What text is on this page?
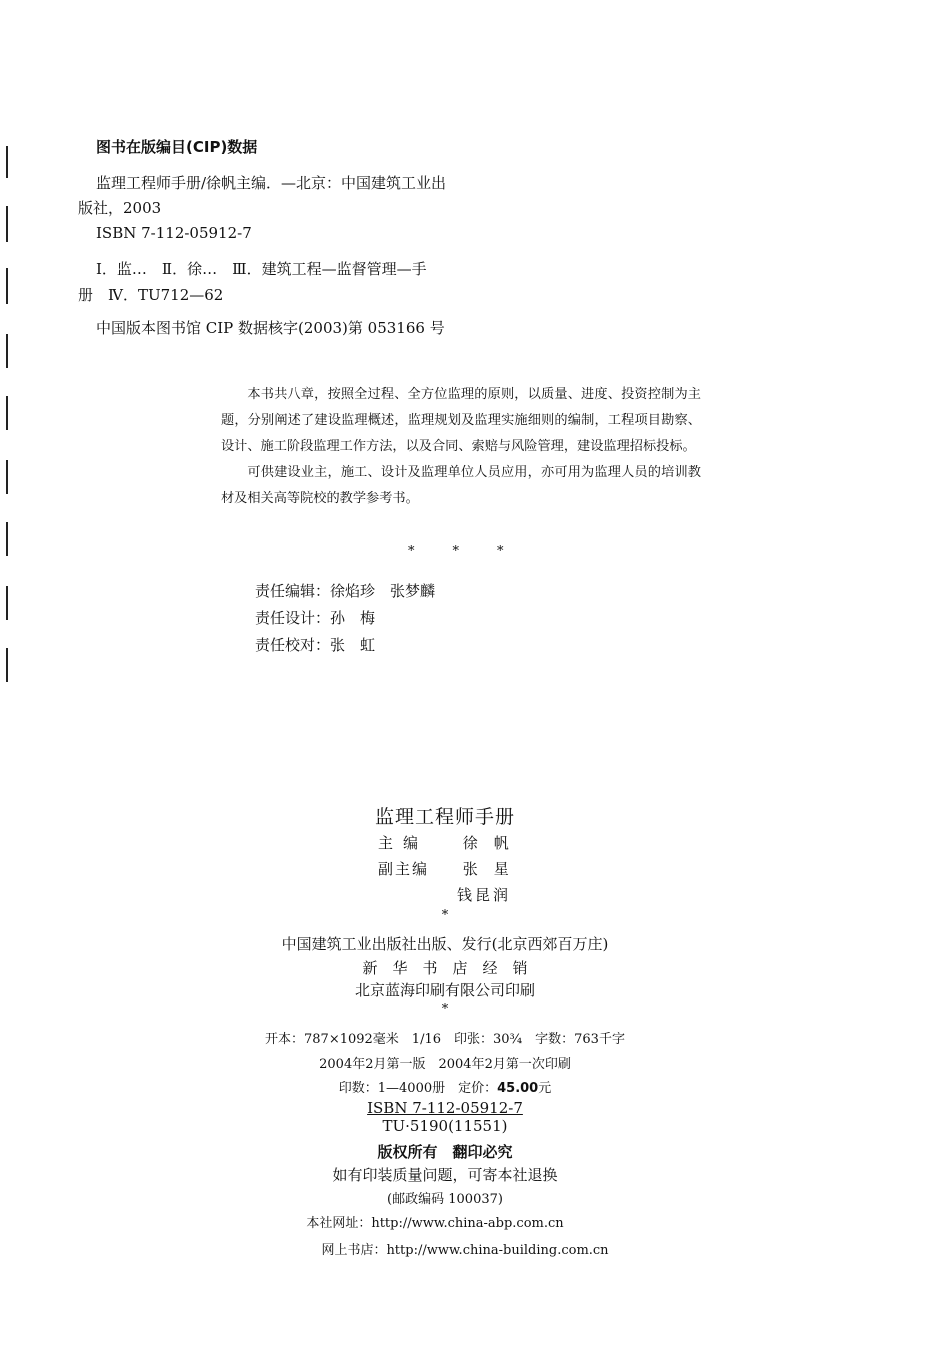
图书在版编目(CIP)数据
监理工程师手册/徐帆主编．—北京：中国建筑工业出
版社，2003
ISBN 7-112-05912-7
Ⅰ．监…　Ⅱ．徐…　Ⅲ．建筑工程—监督管理—手
册　Ⅳ．TU712—62
中国版本图书馆 CIP 数据核字(2003)第 053166 号

本书共八章，按照全过程、全方位监理的原则，以质量、进度、投资控制为主题，分别阐述了建设监理概述，监理规划及监理实施细则的编制，工程项目勘察、设计、施工阶段监理工作方法，以及合同、索赔与风险管理，建设监理招标投标。

可供建设业主，施工、设计及监理单位人员应用，亦可用为监理人员的培训教材及相关高等院校的教学参考书。

***
责任编辑：徐焰珍　张梦麟
责任设计：孙　梅
责任校对：张　虹
监理工程师手册
主编 徐帆
副主编 张星
钱昆润
*
中国建筑工业出版社出版、发行(北京西郊百万庄)
新　华　书　店　经　销
北京蓝海印刷有限公司印刷
*
开本：787×1092毫米　1/16　印张：30¾　字数：763千字
2004年2月第一版　2004年2月第一次印刷
印数：1—4000册　定价：45.00元
ISBN 7-112-05912-7
TU·5190(11551)
版权所有　翻印必究
如有印装质量问题，可寄本社退换
(邮政编码 100037)
本社网址：http://www.china-abp.com.cn
网上书店：http://www.china-building.com.cn
